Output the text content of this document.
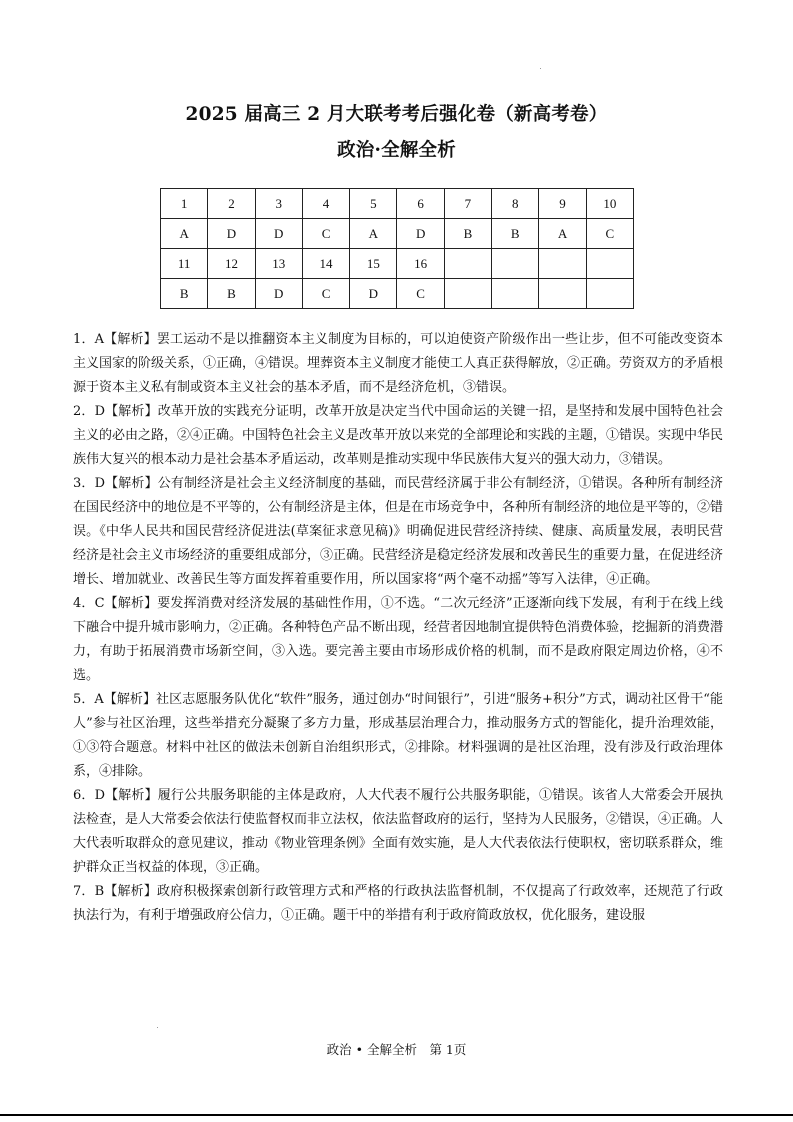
2025 届高三 2 月大联考考后强化卷（新高考卷）
政治·全解全析
1	2	3	4	5	6	7	8	9	10
A	D	D	C	A	D	B	B	A	C
11	12	13	14	15	16				
B	B	D	C	D	C				

1．A【解析】罢工运动不是以推翻资本主义制度为目标的，可以迫使资产阶级作出一些让步，但不可能改变资本主义国家的阶级关系，①正确，④错误。埋葬资本主义制度才能使工人真正获得解放，②正确。劳资双方的矛盾根源于资本主义私有制或资本主义社会的基本矛盾，而不是经济危机，③错误。

2．D【解析】改革开放的实践充分证明，改革开放是决定当代中国命运的关键一招，是坚持和发展中国特色社会主义的必由之路，②④正确。中国特色社会主义是改革开放以来党的全部理论和实践的主题，①错误。实现中华民族伟大复兴的根本动力是社会基本矛盾运动，改革则是推动实现中华民族伟大复兴的强大动力，③错误。

3．D【解析】公有制经济是社会主义经济制度的基础，而民营经济属于非公有制经济，①错误。各种所有制经济在国民经济中的地位是不平等的，公有制经济是主体，但是在市场竞争中，各种所有制经济的地位是平等的，②错误。《中华人民共和国民营经济促进法(草案征求意见稿)》明确促进民营经济持续、健康、高质量发展，表明民营经济是社会主义市场经济的重要组成部分，③正确。民营经济是稳定经济发展和改善民生的重要力量，在促进经济增长、增加就业、改善民生等方面发挥着重要作用，所以国家将“两个毫不动摇”等写入法律，④正确。

4．C【解析】要发挥消费对经济发展的基础性作用，①不选。“二次元经济”正逐渐向线下发展，有利于在线上线下融合中提升城市影响力，②正确。各种特色产品不断出现，经营者因地制宜提供特色消费体验，挖掘新的消费潜力，有助于拓展消费市场新空间，③入选。要完善主要由市场形成价格的机制，而不是政府限定周边价格，④不选。

5．A【解析】社区志愿服务队优化“软件”服务，通过创办“时间银行”，引进“服务+积分”方式，调动社区骨干“能人”参与社区治理，这些举措充分凝聚了多方力量，形成基层治理合力，推动服务方式的智能化，提升治理效能，①③符合题意。材料中社区的做法未创新自治组织形式，②排除。材料强调的是社区治理，没有涉及行政治理体系，④排除。

6．D【解析】履行公共服务职能的主体是政府，人大代表不履行公共服务职能，①错误。该省人大常委会开展执法检查，是人大常委会依法行使监督权而非立法权，依法监督政府的运行，坚持为人民服务，②错误，④正确。人大代表听取群众的意见建议，推动《物业管理条例》全面有效实施，是人大代表依法行使职权，密切联系群众，维护群众正当权益的体现，③正确。

7．B【解析】政府积极探索创新行政管理方式和严格的行政执法监督机制，不仅提高了行政效率，还规范了行政执法行为，有利于增强政府公信力，①正确。题干中的举措有利于政府简政放权，优化服务，建设服

政治 • 全解全析　第 1页
